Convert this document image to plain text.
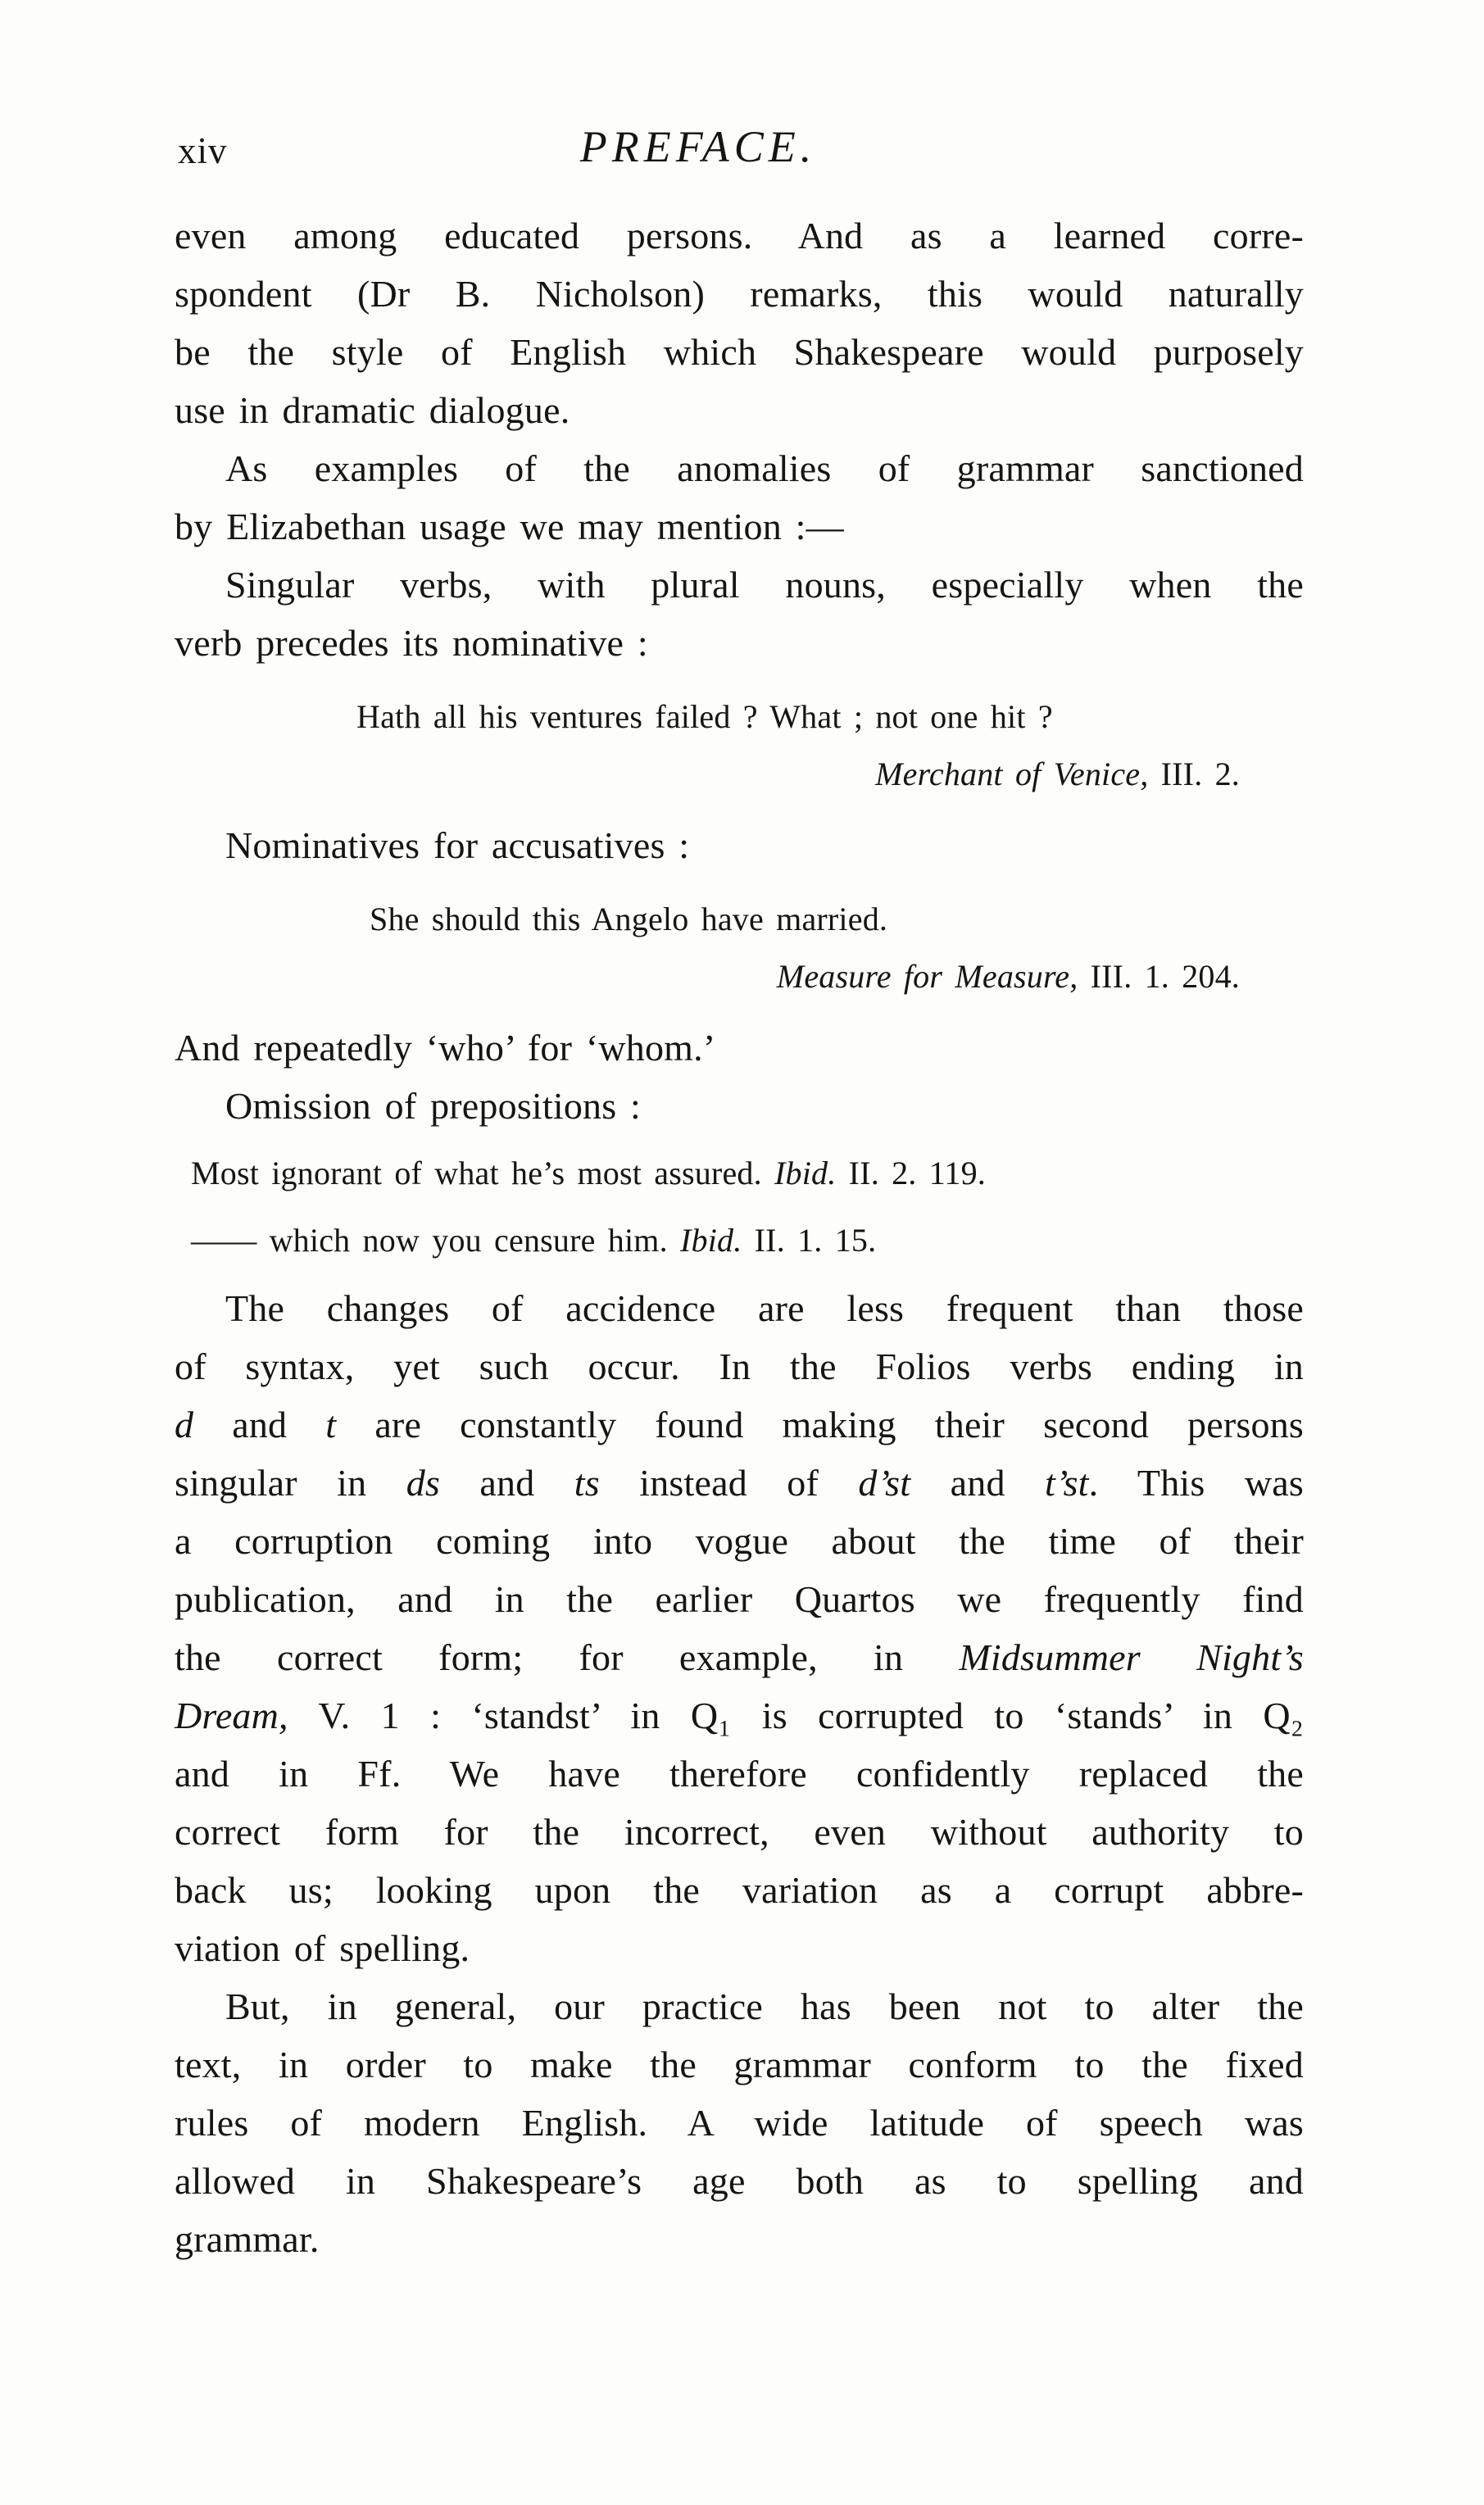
xiv	PREFACE.
even among educated persons. And as a learned corre-
spondent (Dr B. Nicholson) remarks, this would naturally
be the style of English which Shakespeare would purposely
use in dramatic dialogue.
As examples of the anomalies of grammar sanctioned
by Elizabethan usage we may mention :—
Singular verbs, with plural nouns, especially when the
verb precedes its nominative :
Hath all his ventures failed ? What ; not one hit ?
Merchant of Venice, III. 2.
Nominatives for accusatives :
She should this Angelo have married.
Measure for Measure, III. 1. 204.
And repeatedly ‘who’ for ‘whom.’
Omission of prepositions :
Most ignorant of what he’s most assured. Ibid. II. 2. 119.
—— which now you censure him. Ibid. II. 1. 15.
The changes of accidence are less frequent than those
of syntax, yet such occur. In the Folios verbs ending in
d and t are constantly found making their second persons
singular in ds and ts instead of d’st and t’st. This was
a corruption coming into vogue about the time of their
publication, and in the earlier Quartos we frequently find
the correct form; for example, in Midsummer Night’s
Dream, V. 1 : ‘standst’ in Q₁ is corrupted to ‘stands’ in Q₂
and in Ff. We have therefore confidently replaced the
correct form for the incorrect, even without authority to
back us; looking upon the variation as a corrupt abbre-
viation of spelling.
But, in general, our practice has been not to alter the
text, in order to make the grammar conform to the fixed
rules of modern English. A wide latitude of speech was
allowed in Shakespeare’s age both as to spelling and
grammar.
